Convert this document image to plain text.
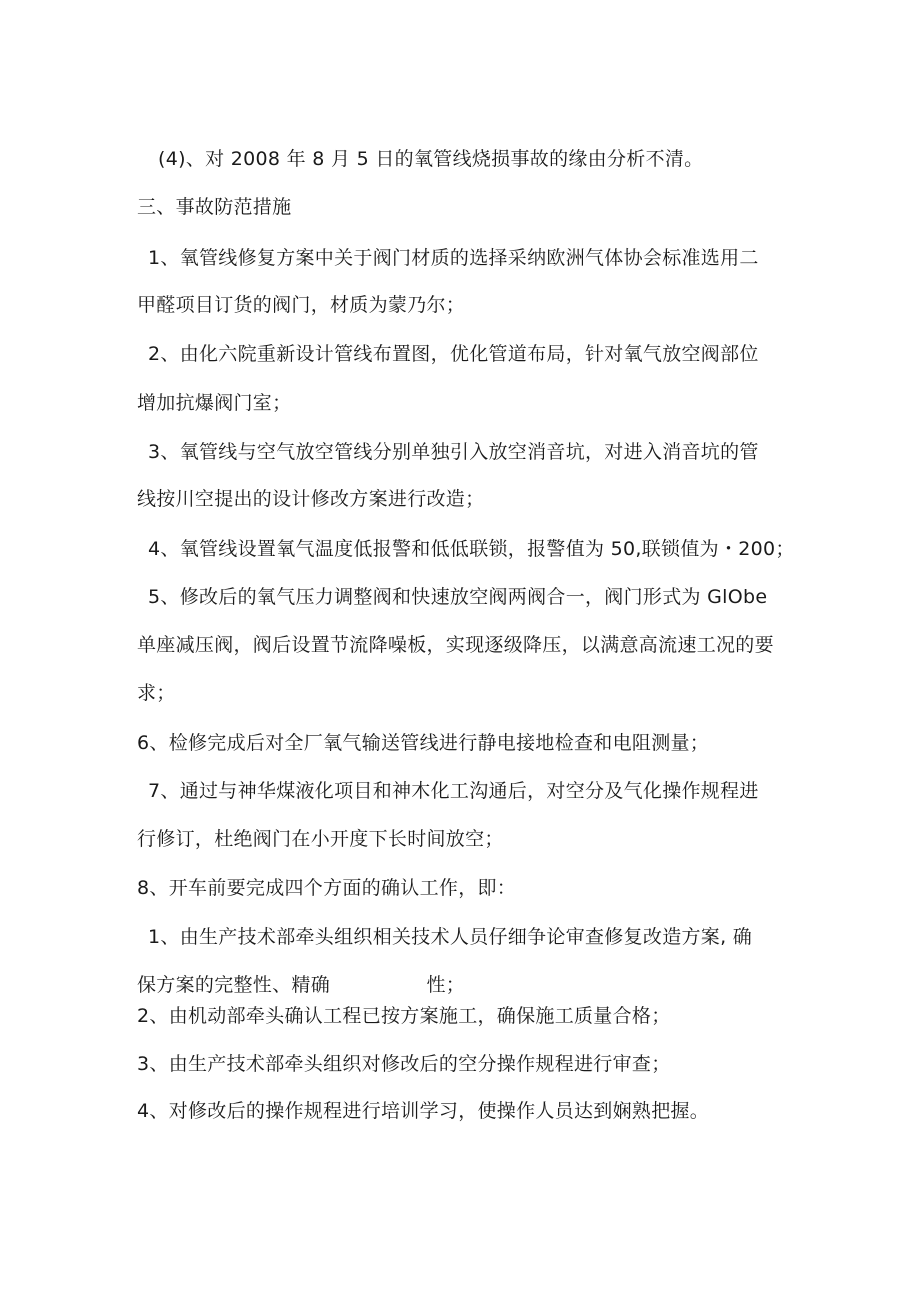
(4)、对 2008 年 8 月 5 日的氧管线烧损事故的缘由分析不清。

三、事故防范措施

1、氧管线修复方案中关于阀门材质的选择采纳欧洲气体协会标准选用二

甲醛项目订货的阀门，材质为蒙乃尔；

2、由化六院重新设计管线布置图，优化管道布局，针对氧气放空阀部位

增加抗爆阀门室；

3、氧管线与空气放空管线分别单独引入放空消音坑，对进入消音坑的管

线按川空提出的设计修改方案进行改造；

4、氧管线设置氧气温度低报警和低低联锁，报警值为 50,联锁值为・200；

5、修改后的氧气压力调整阀和快速放空阀两阀合一，阀门形式为 GlObe

单座减压阀，阀后设置节流降噪板，实现逐级降压，以满意高流速工况的要

求；

6、检修完成后对全厂氧气输送管线进行静电接地检查和电阻测量；

7、通过与神华煤液化项目和神木化工沟通后，对空分及气化操作规程进

行修订，杜绝阀门在小开度下长时间放空；

8、开车前要完成四个方面的确认工作，即：

1、由生产技术部牵头组织相关技术人员仔细争论审查修复改造方案, 确

保方案的完整性、精确　　　　　性；

2、由机动部牵头确认工程已按方案施工，确保施工质量合格；

3、由生产技术部牵头组织对修改后的空分操作规程进行审查；

4、对修改后的操作规程进行培训学习，使操作人员达到娴熟把握。
